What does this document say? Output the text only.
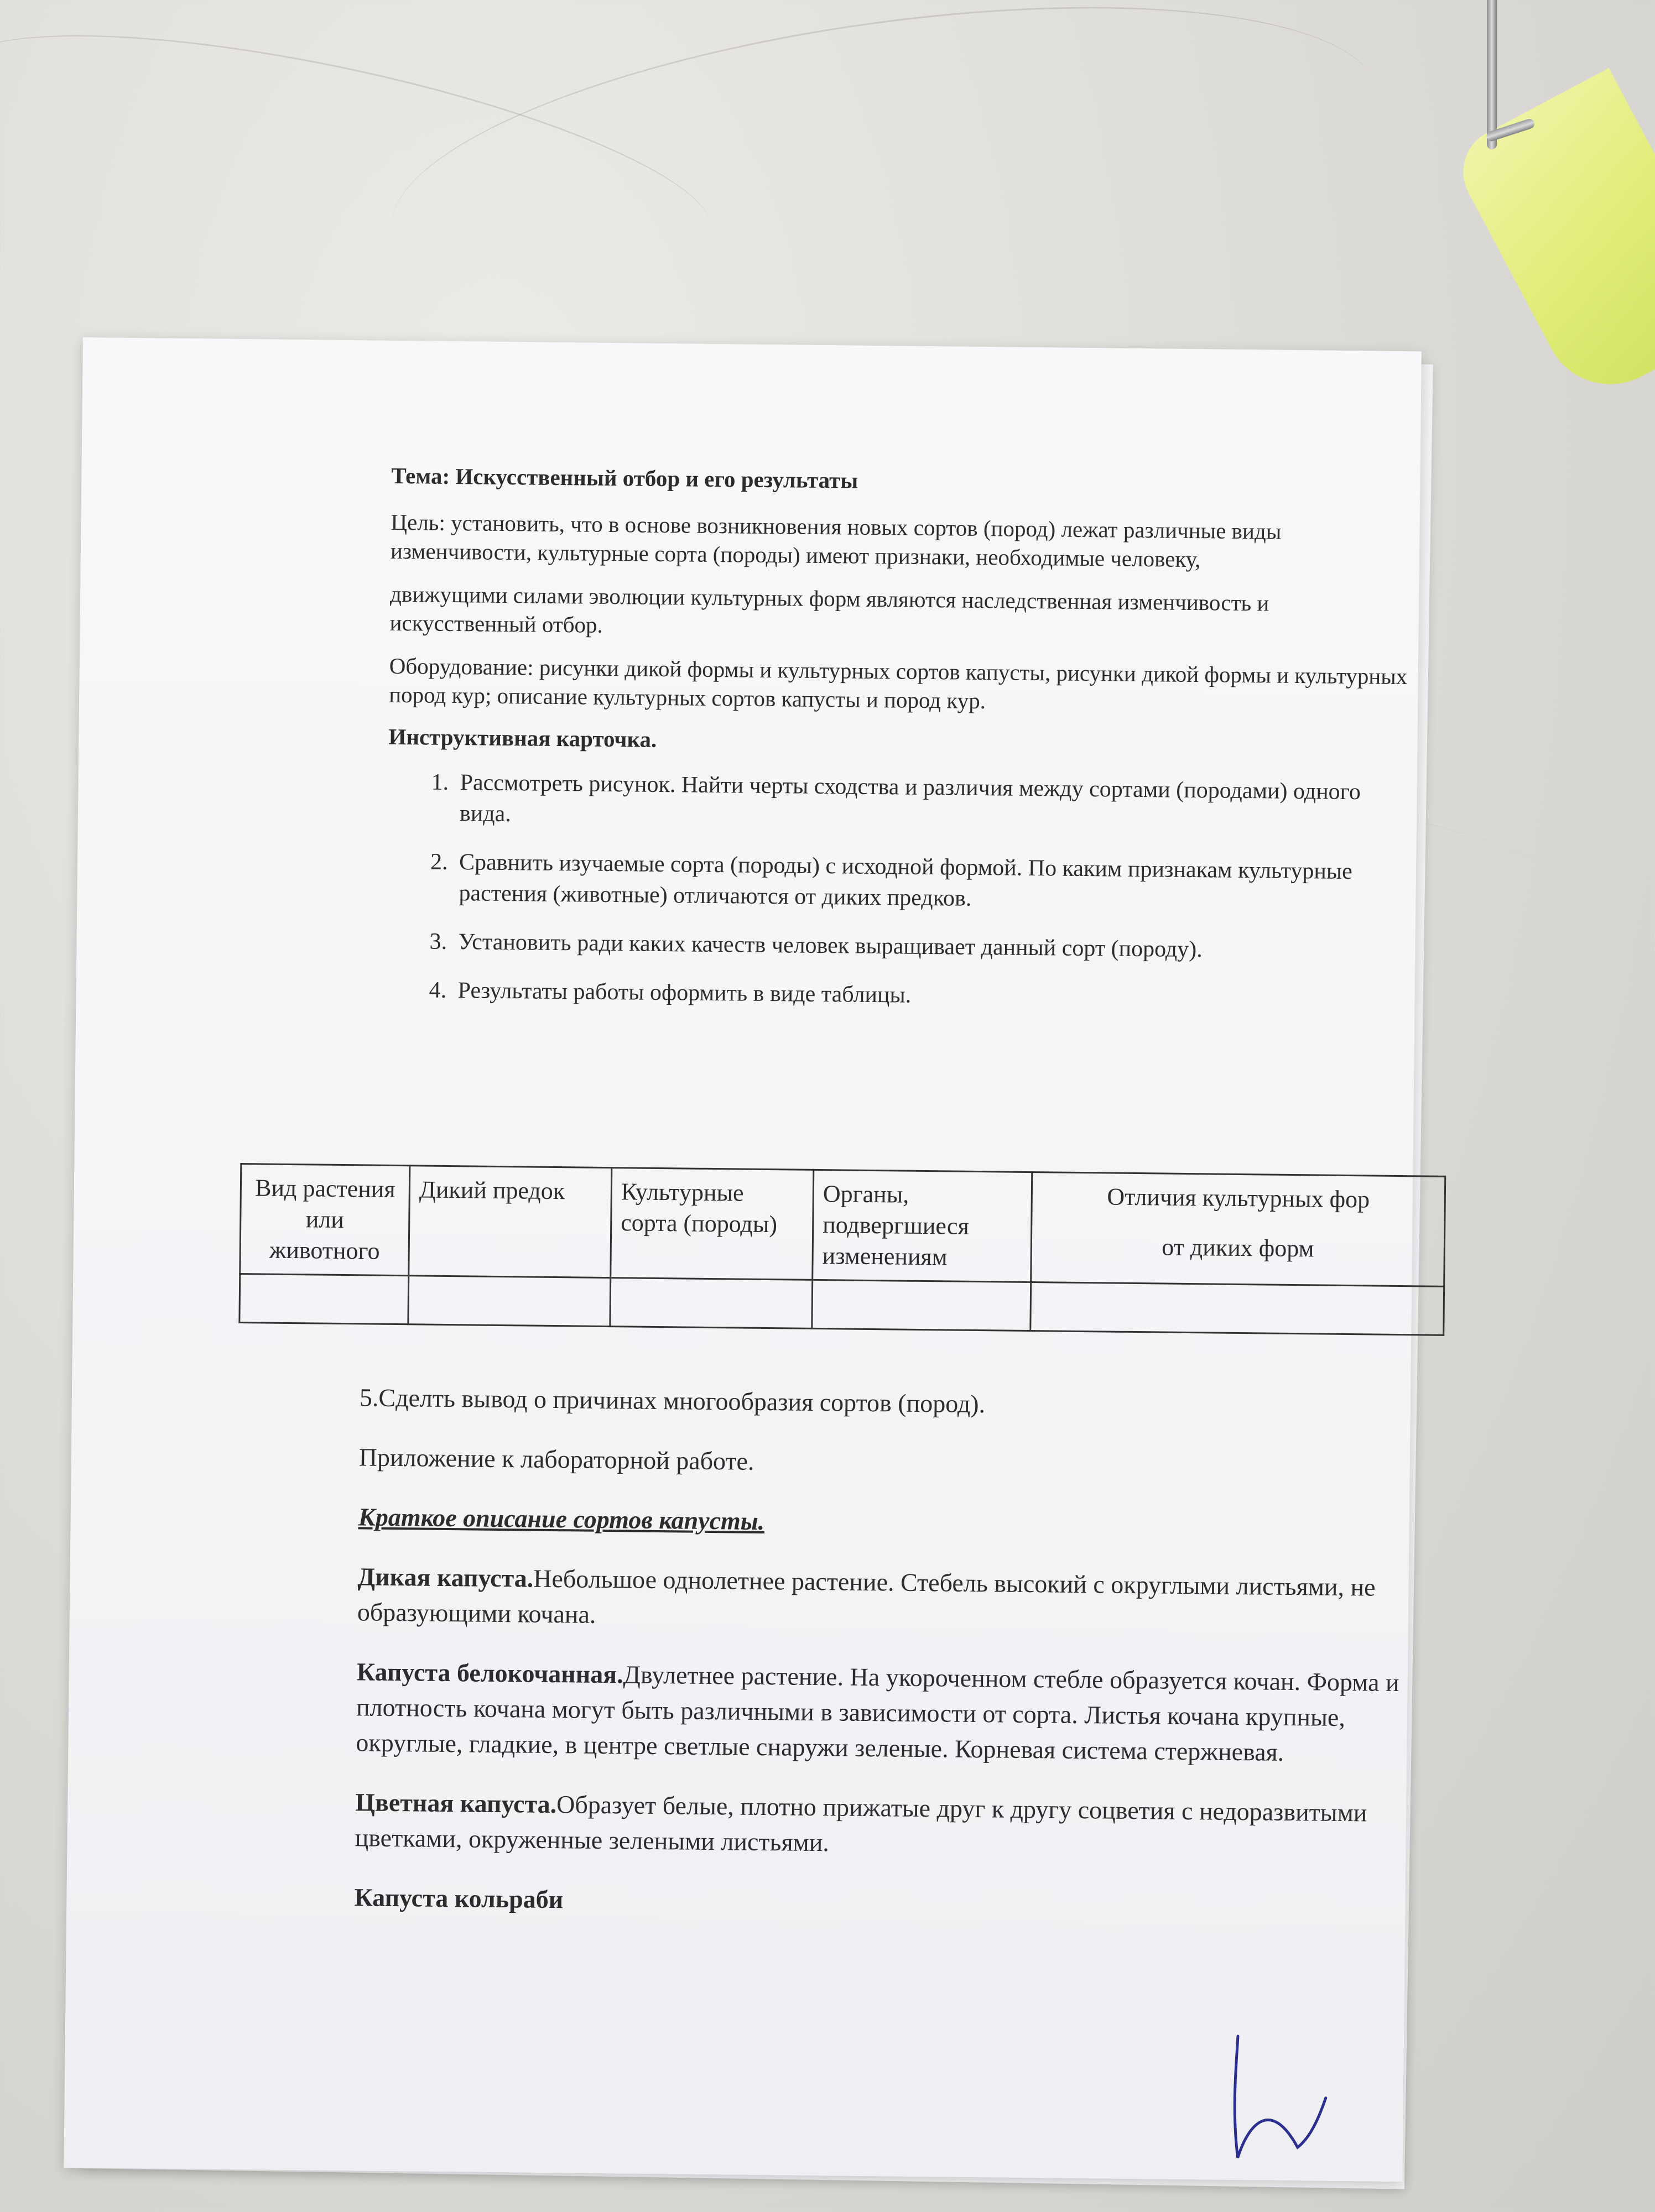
Тема: Искусственный отбор и его результаты

Цель: установить, что в основе возникновения новых сортов (пород) лежат различные виды изменчивости, культурные сорта (породы) имеют признаки, необходимые человеку,

движущими силами эволюции культурных форм являются наследственная изменчивость и искусственный отбор.

Оборудование: рисунки дикой формы и культурных сортов капусты, рисунки дикой формы и культурных пород кур; описание культурных сортов капусты и пород кур.

Инструктивная карточка.
1. Рассмотреть рисунок. Найти черты сходства и различия между сортами (породами) одного вида.
2. Сравнить изучаемые сорта (породы) с исходной формой. По каким признакам культурные растения (животные) отличаются от диких предков.
3. Установить ради каких качеств человек выращивает данный сорт (породу).
4. Результаты работы оформить в виде таблицы.
Вид растения или животного	Дикий предок	Культурные сорта (породы)	Органы, подвергшиеся изменениям	Отличия культурных фор
от диких форм

5.Сделть вывод о причинах многообразия сортов (пород).

Приложение к лабораторной работе.

Краткое описание сортов капусты.

Дикая капуста.Небольшое однолетнее растение. Стебель высокий с округлыми листьями, не образующими кочана.

Капуста белокочанная.Двулетнее растение. На укороченном стебле образуется кочан. Форма и плотность кочана могут быть различными в зависимости от сорта. Листья кочана крупные, округлые, гладкие, в центре светлые снаружи зеленые. Корневая система стержневая.

Цветная капуста.Образует белые, плотно прижатые друг к другу соцветия с недоразвитыми цветками, окруженные зелеными листьями.

Капуста кольраби
